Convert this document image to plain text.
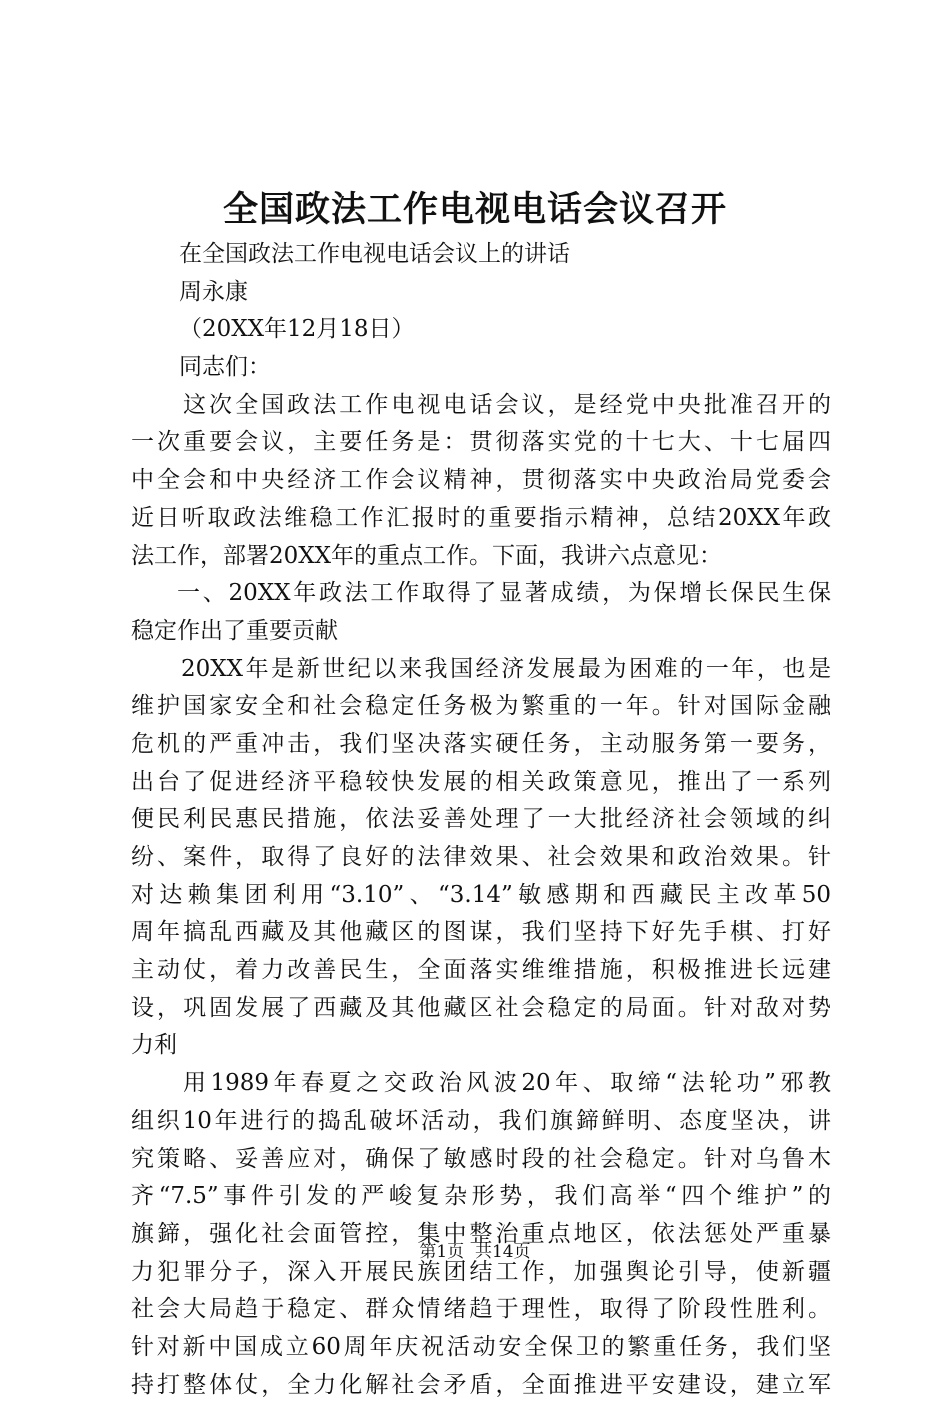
全国政法工作电视电话会议召开
在全国政法工作电视电话会议上的讲话
周永康
（20XX年12月18日）
同志们：
这次全国政法工作电视电话会议，是经党中央批准召开的
一次重要会议，主要任务是：贯彻落实党的十七大、十七届四
中全会和中央经济工作会议精神，贯彻落实中央政治局党委会
近日听取政法维稳工作汇报时的重要指示精神，总结20XX年政
法工作，部署20XX年的重点工作。下面，我讲六点意见：
一、20XX年政法工作取得了显著成绩，为保增长保民生保
稳定作出了重要贡献
20XX年是新世纪以来我国经济发展最为困难的一年，也是
维护国家安全和社会稳定任务极为繁重的一年。针对国际金融
危机的严重冲击，我们坚决落实硬任务，主动服务第一要务，
出台了促进经济平稳较快发展的相关政策意见，推出了一系列
便民利民惠民措施，依法妥善处理了一大批经济社会领域的纠
纷、案件，取得了良好的法律效果、社会效果和政治效果。针
对达赖集团利用“3.10”、“3.14”敏感期和西藏民主改革50
周年搞乱西藏及其他藏区的图谋，我们坚持下好先手棋、打好
主动仗，着力改善民生，全面落实维维措施，积极推进长远建
设，巩固发展了西藏及其他藏区社会稳定的局面。针对敌对势
力利
用1989年春夏之交政治风波20年、取缔“法轮功”邪教
组织10年进行的捣乱破坏活动，我们旗鍗鲜明、态度坚决，讲
究策略、妥善应对，确保了敏感时段的社会稳定。针对乌鲁木
齐“7.5”事件引发的严峻复杂形势，我们高举“四个维护”的
旗鍗，强化社会面管控，集中整治重点地区，依法惩处严重暴
力犯罪分子，深入开展民族团结工作，加强舆论引导，使新疆
社会大局趋于稳定、群众情绪趋于理性，取得了阶段性胜利。
针对新中国成立60周年庆祝活动安全保卫的繁重任务，我们坚
持打整体仗，全力化解社会矛盾，全面推进平安建设，建立军
第1页  共14页
